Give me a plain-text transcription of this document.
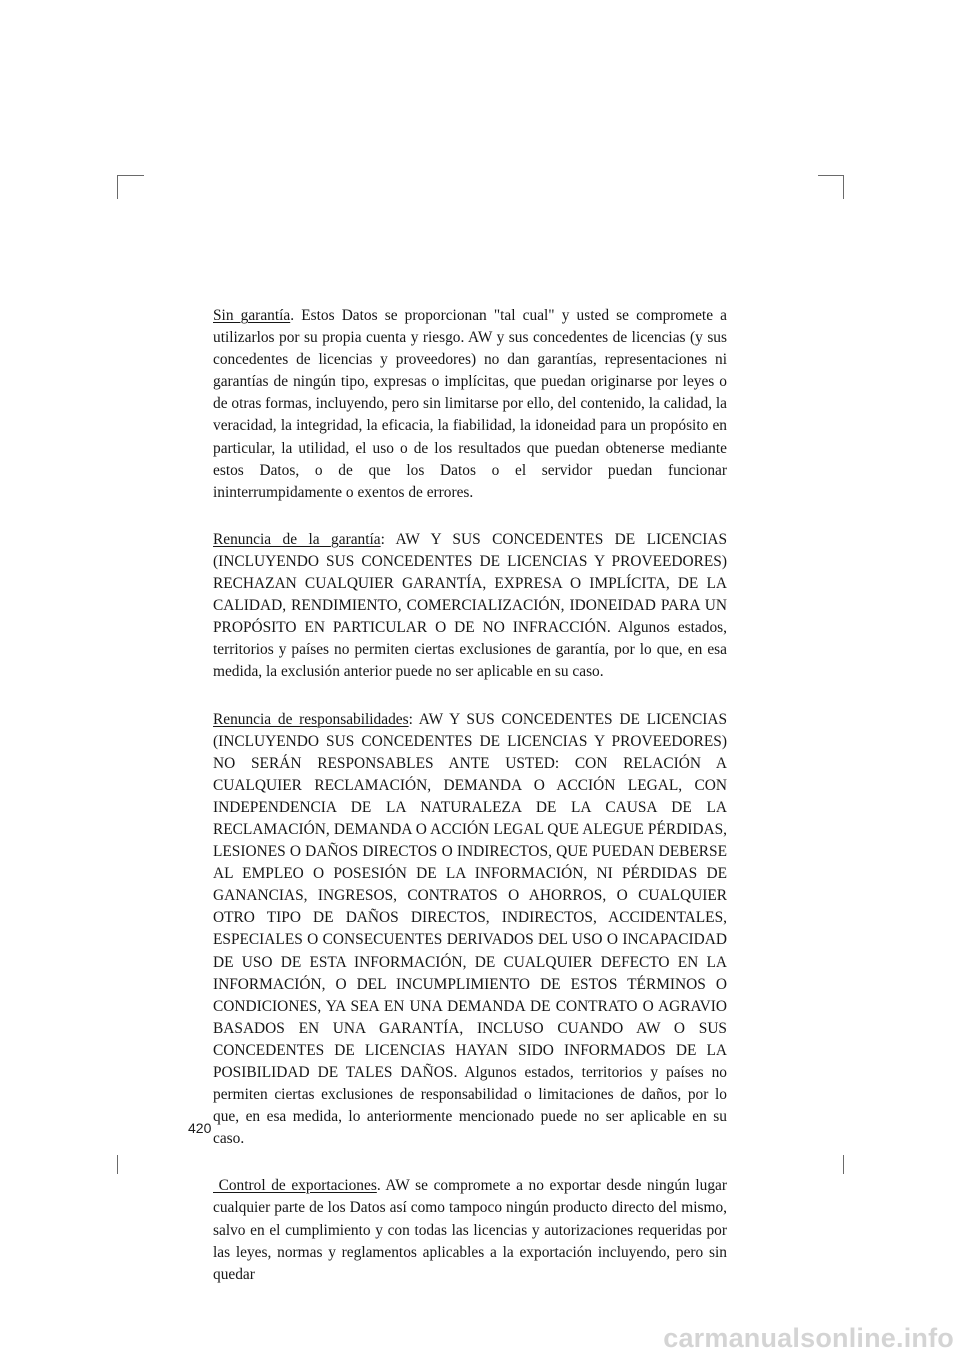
Sin garantía. Estos Datos se proporcionan "tal cual" y usted se compromete a utilizarlos por su propia cuenta y riesgo. AW y sus concedentes de licencias (y sus concedentes de licencias y proveedores) no dan garantías, representaciones ni garantías de ningún tipo, expresas o implícitas, que puedan originarse por leyes o de otras formas, incluyendo, pero sin limitarse por ello, del contenido, la calidad, la veracidad, la integridad, la eficacia, la fiabilidad, la idoneidad para un propósito en particular, la utilidad, el uso o de los resultados que puedan obtenerse mediante estos Datos, o de que los Datos o el servidor puedan funcionar ininterrumpidamente o exentos de errores.

Renuncia de la garantía: AW Y SUS CONCEDENTES DE LICENCIAS (INCLUYENDO SUS CONCEDENTES DE LICENCIAS Y PROVEEDORES) RECHAZAN CUALQUIER GARANTÍA, EXPRESA O IMPLÍCITA, DE LA CALIDAD, RENDIMIENTO, COMERCIALIZACIÓN, IDONEIDAD PARA UN PROPÓSITO EN PARTICULAR O DE NO INFRACCIÓN. Algunos estados, territorios y países no permiten ciertas exclusiones de garantía, por lo que, en esa medida, la exclusión anterior puede no ser aplicable en su caso.

Renuncia de responsabilidades: AW Y SUS CONCEDENTES DE LICENCIAS (INCLUYENDO SUS CONCEDENTES DE LICENCIAS Y PROVEEDORES) NO SERÁN RESPONSABLES ANTE USTED: CON RELACIÓN A CUALQUIER RECLAMACIÓN, DEMANDA O ACCIÓN LEGAL, CON INDEPENDENCIA DE LA NATURALEZA DE LA CAUSA DE LA RECLAMACIÓN, DEMANDA O ACCIÓN LEGAL QUE ALEGUE PÉRDIDAS, LESIONES O DAÑOS DIRECTOS O INDIRECTOS, QUE PUEDAN DEBERSE AL EMPLEO O POSESIÓN DE LA INFORMACIÓN, NI PÉRDIDAS DE GANANCIAS, INGRESOS, CONTRATOS O AHORROS, O CUALQUIER OTRO TIPO DE DAÑOS DIRECTOS, INDIRECTOS, ACCIDENTALES, ESPECIALES O CONSECUENTES DERIVADOS DEL USO O INCAPACIDAD DE USO DE ESTA INFORMACIÓN, DE CUALQUIER DEFECTO EN LA INFORMACIÓN, O DEL INCUMPLIMIENTO DE ESTOS TÉRMINOS O CONDICIONES, YA SEA EN UNA DEMANDA DE CONTRATO O AGRAVIO BASADOS EN UNA GARANTÍA, INCLUSO CUANDO AW O SUS CONCEDENTES DE LICENCIAS HAYAN SIDO INFORMADOS DE LA POSIBILIDAD DE TALES DAÑOS. Algunos estados, territorios y países no permiten ciertas exclusiones de responsabilidad o limitaciones de daños, por lo que, en esa medida, lo anteriormente mencionado puede no ser aplicable en su caso.

Control de exportaciones. AW se compromete a no exportar desde ningún lugar cualquier parte de los Datos así como tampoco ningún producto directo del mismo, salvo en el cumplimiento y con todas las licencias y autorizaciones requeridas por las leyes, normas y reglamentos aplicables a la exportación incluyendo, pero sin quedar

420
carmanualsonline.info
